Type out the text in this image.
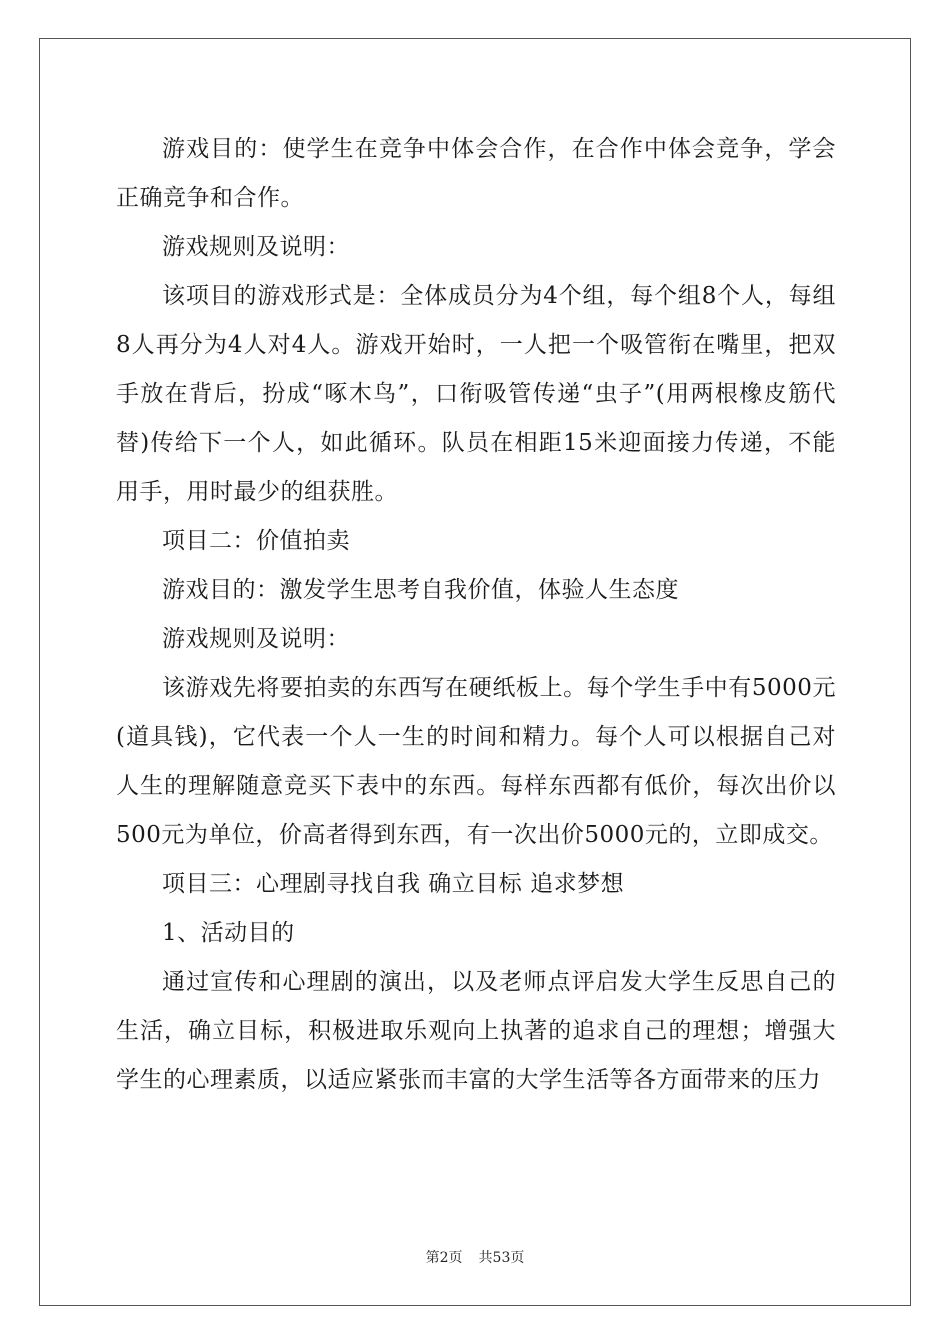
游戏目的：使学生在竞争中体会合作，在合作中体会竞争，学会正确竞争和合作。

游戏规则及说明：

该项目的游戏形式是：全体成员分为4个组，每个组8个人，每组8人再分为4人对4人。游戏开始时，一人把一个吸管衔在嘴里，把双手放在背后，扮成“啄木鸟”，口衔吸管传递“虫子”(用两根橡皮筋代替)传给下一个人，如此循环。队员在相距15米迎面接力传递，不能用手，用时最少的组获胜。

项目二：价值拍卖

游戏目的：激发学生思考自我价值，体验人生态度

游戏规则及说明：

该游戏先将要拍卖的东西写在硬纸板上。每个学生手中有5000元(道具钱)，它代表一个人一生的时间和精力。每个人可以根据自己对人生的理解随意竞买下表中的东西。每样东西都有低价，每次出价以500元为单位，价高者得到东西，有一次出价5000元的，立即成交。

项目三：心理剧寻找自我 确立目标 追求梦想

1、活动目的

通过宣传和心理剧的演出，以及老师点评启发大学生反思自己的生活，确立目标，积极进取乐观向上执著的追求自己的理想；增强大学生的心理素质，以适应紧张而丰富的大学生活等各方面带来的压力

第2页 共53页
